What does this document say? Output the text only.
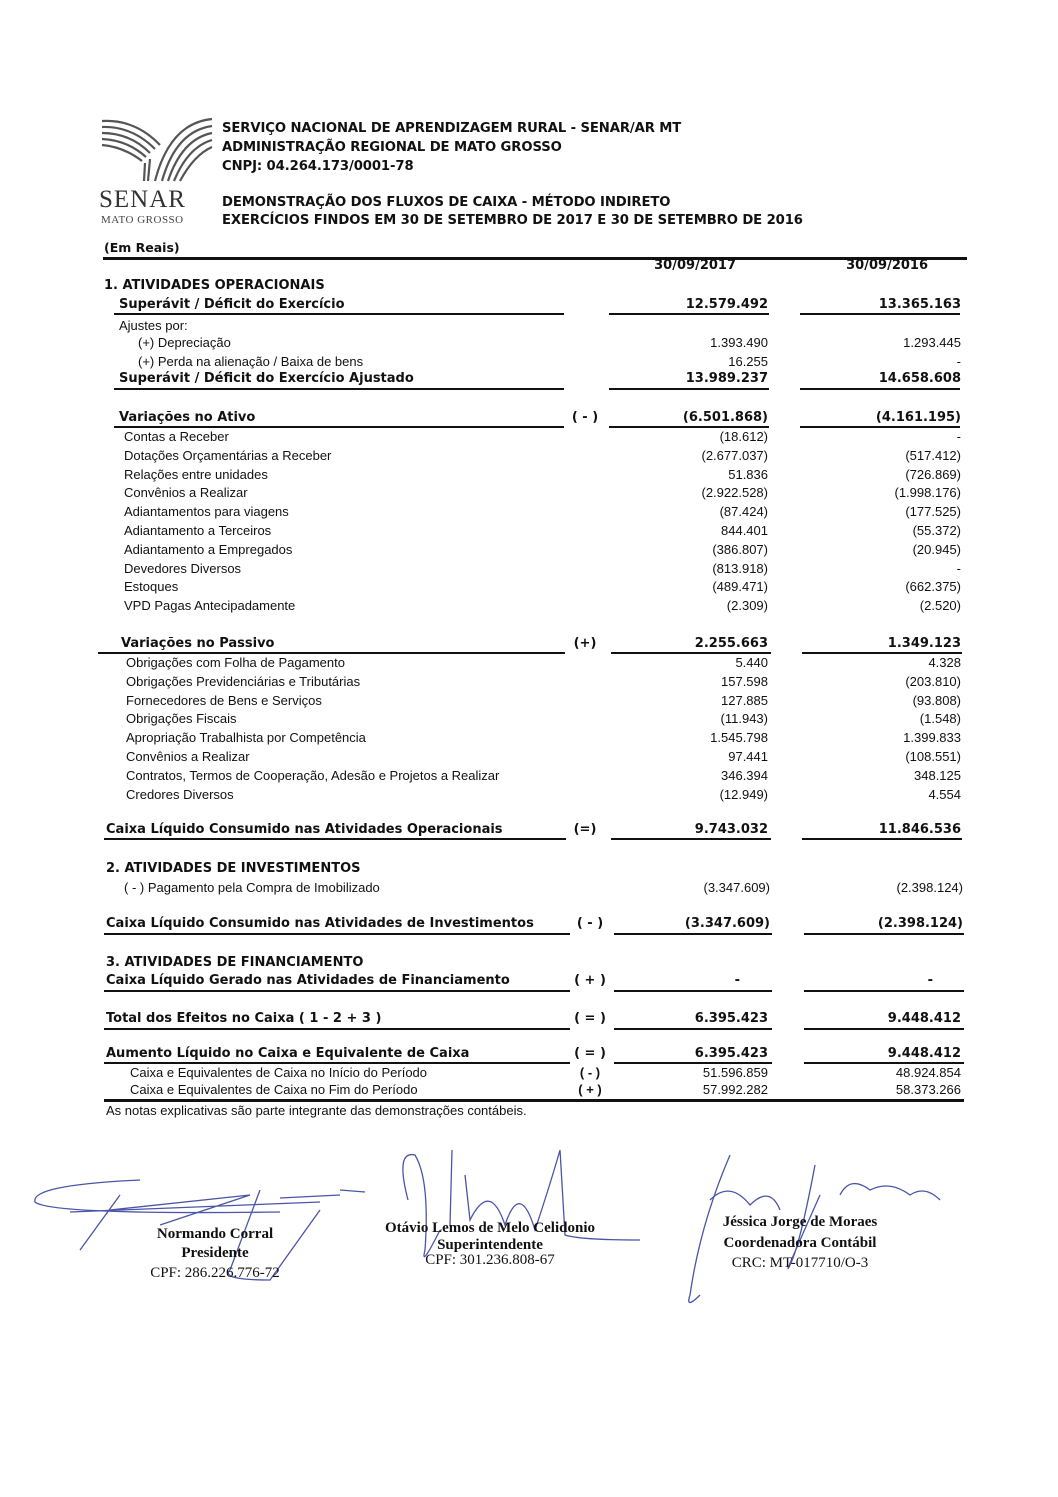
SENAR
MATO GROSSO
SERVIÇO NACIONAL DE APRENDIZAGEM RURAL - SENAR/AR MT
ADMINISTRAÇÃO REGIONAL DE MATO GROSSO
CNPJ: 04.264.173/0001-78
DEMONSTRAÇÃO DOS FLUXOS DE CAIXA - MÉTODO INDIRETO
EXERCÍCIOS FINDOS EM 30 DE SETEMBRO DE 2017 E 30 DE SETEMBRO DE 2016
(Em Reais)
30/09/2017	30/09/2016
1. ATIVIDADES OPERACIONAIS
Superávit / Déficit do Exercício	12.579.492	13.365.163
Ajustes por:
(+) Depreciação	1.393.490	1.293.445
(+) Perda na alienação / Baixa de bens	16.255	-
Superávit / Déficit do Exercício Ajustado	13.989.237	14.658.608
Variações no Ativo	( - )	(6.501.868)	(4.161.195)
Contas a Receber	(18.612)	-
Dotações Orçamentárias a Receber	(2.677.037)	(517.412)
Relações entre unidades	51.836	(726.869)
Convênios a Realizar	(2.922.528)	(1.998.176)
Adiantamentos para viagens	(87.424)	(177.525)
Adiantamento a Terceiros	844.401	(55.372)
Adiantamento a Empregados	(386.807)	(20.945)
Devedores Diversos	(813.918)	-
Estoques	(489.471)	(662.375)
VPD Pagas Antecipadamente	(2.309)	(2.520)
Variações no Passivo	(+)	2.255.663	1.349.123
Obrigações com Folha de Pagamento	5.440	4.328
Obrigações Previdenciárias e Tributárias	157.598	(203.810)
Fornecedores de Bens e Serviços	127.885	(93.808)
Obrigações Fiscais	(11.943)	(1.548)
Apropriação Trabalhista por Competência	1.545.798	1.399.833
Convênios a Realizar	97.441	(108.551)
Contratos, Termos de Cooperação, Adesão e Projetos a Realizar	346.394	348.125
Credores Diversos	(12.949)	4.554
Caixa Líquido Consumido nas Atividades Operacionais	(=)	9.743.032	11.846.536
2. ATIVIDADES DE INVESTIMENTOS
( - ) Pagamento pela Compra de Imobilizado	(3.347.609)	(2.398.124)
Caixa Líquido Consumido nas Atividades de Investimentos	( - )	(3.347.609)	(2.398.124)
3. ATIVIDADES DE FINANCIAMENTO
Caixa Líquido Gerado nas Atividades de Financiamento	( + )	-	-
Total dos Efeitos no Caixa ( 1 - 2 + 3 )	( = )	6.395.423	9.448.412
Aumento Líquido no Caixa e Equivalente de Caixa	( = )	6.395.423	9.448.412
Caixa e Equivalentes de Caixa no Início do Período	( - )	51.596.859	48.924.854
Caixa e Equivalentes de Caixa no Fim do Período	( + )	57.992.282	58.373.266
As notas explicativas são parte integrante das demonstrações contábeis.
Normando Corral
Presidente
CPF: 286.226.776-72
Otávio Lemos de Melo Celidonio
Superintendente
CPF: 301.236.808-67
Jéssica Jorge de Moraes
Coordenadora Contábil
CRC: MT-017710/O-3
